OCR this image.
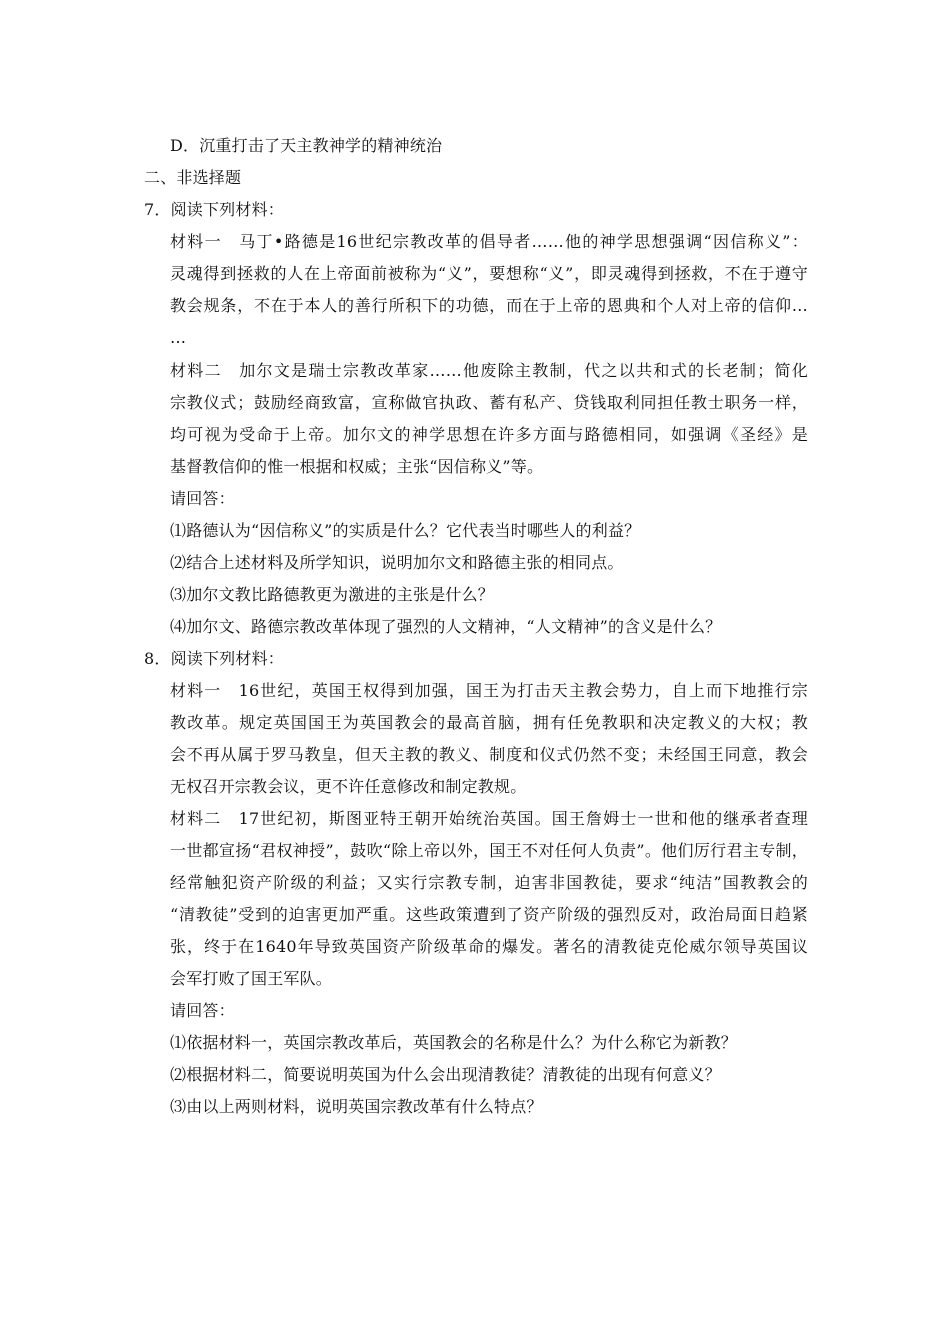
D．沉重打击了天主教神学的精神统治
二、非选择题
7．阅读下列材料：
材料一　马丁•路德是16世纪宗教改革的倡导者……他的神学思想强调“因信称义”：
灵魂得到拯救的人在上帝面前被称为“义”，要想称“义”，即灵魂得到拯救，不在于遵守
教会规条，不在于本人的善行所积下的功德，而在于上帝的恩典和个人对上帝的信仰…
…
材料二　加尔文是瑞士宗教改革家……他废除主教制，代之以共和式的长老制；简化
宗教仪式；鼓励经商致富，宣称做官执政、蓄有私产、贷钱取利同担任教士职务一样，
均可视为受命于上帝。加尔文的神学思想在许多方面与路德相同，如强调《圣经》是
基督教信仰的惟一根据和权威；主张“因信称义”等。
请回答：
⑴路德认为“因信称义”的实质是什么？它代表当时哪些人的利益？
⑵结合上述材料及所学知识，说明加尔文和路德主张的相同点。
⑶加尔文教比路德教更为激进的主张是什么？
⑷加尔文、路德宗教改革体现了强烈的人文精神，“人文精神”的含义是什么？
8．阅读下列材料：
材料一　16世纪，英国王权得到加强，国王为打击天主教会势力，自上而下地推行宗
教改革。规定英国国王为英国教会的最高首脑，拥有任免教职和决定教义的大权；教
会不再从属于罗马教皇，但天主教的教义、制度和仪式仍然不变；未经国王同意，教会
无权召开宗教会议，更不许任意修改和制定教规。
材料二　17世纪初，斯图亚特王朝开始统治英国。国王詹姆士一世和他的继承者查理
一世都宣扬“君权神授”，鼓吹“除上帝以外，国王不对任何人负责”。他们厉行君主专制，
经常触犯资产阶级的利益；又实行宗教专制，迫害非国教徒，要求“纯洁”国教教会的
“清教徒”受到的迫害更加严重。这些政策遭到了资产阶级的强烈反对，政治局面日趋紧
张，终于在1640年导致英国资产阶级革命的爆发。著名的清教徒克伦威尔领导英国议
会军打败了国王军队。
请回答：
⑴依据材料一，英国宗教改革后，英国教会的名称是什么？为什么称它为新教？
⑵根据材料二，简要说明英国为什么会出现清教徒？清教徒的出现有何意义？
⑶由以上两则材料，说明英国宗教改革有什么特点？
